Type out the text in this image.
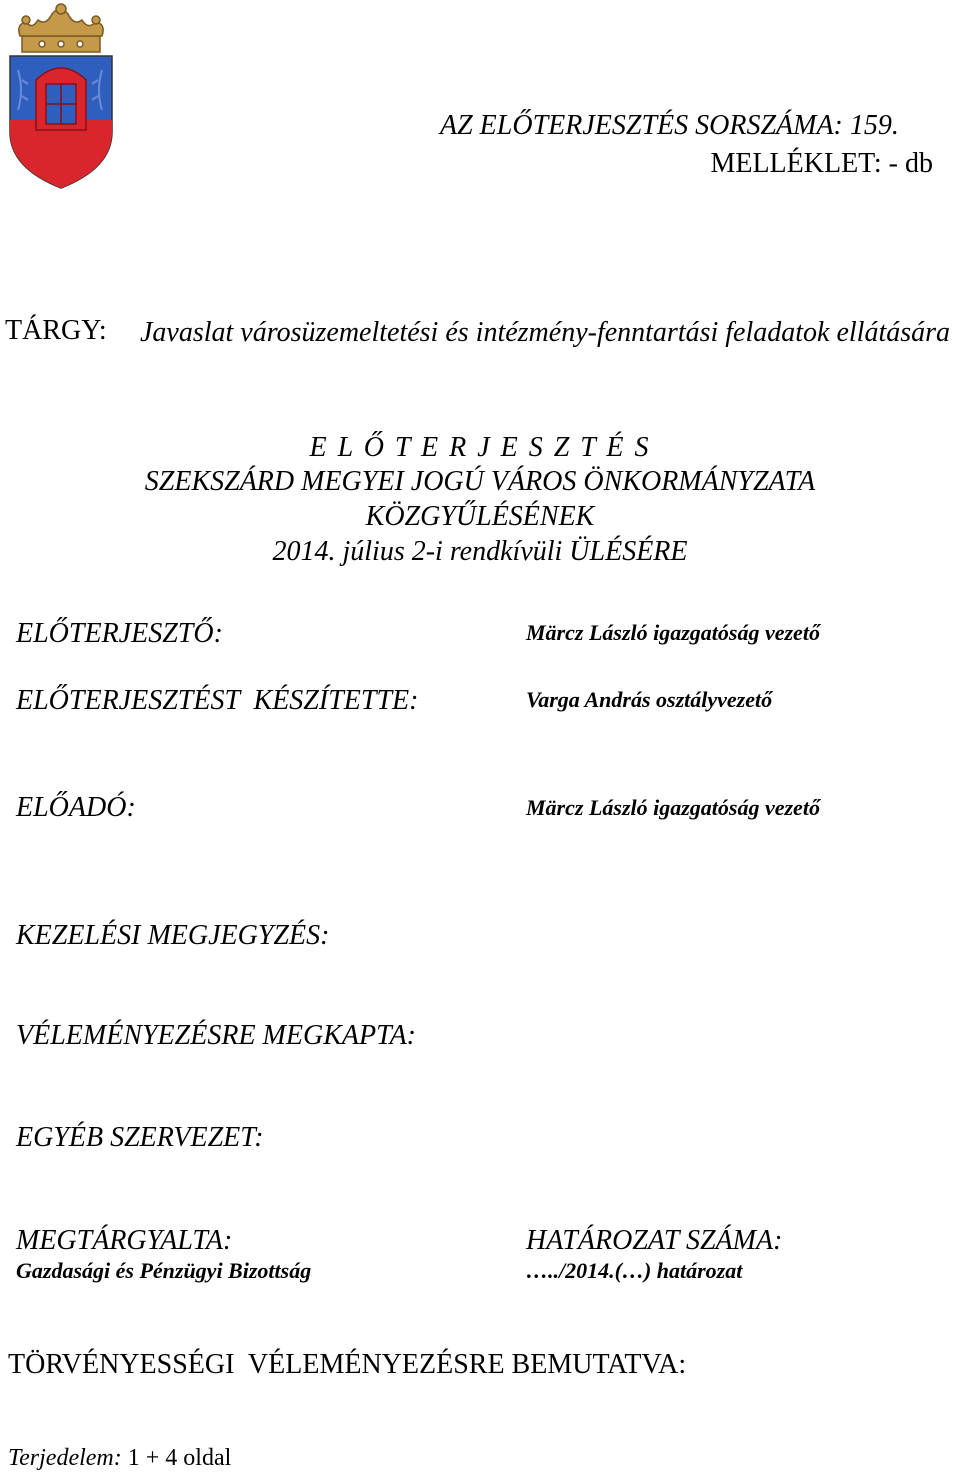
AZ ELŐTERJESZTÉS SORSZÁMA: 159.
MELLÉKLET: - db
TÁRGY: Javaslat városüzemeltetési és intézmény-fenntartási feladatok ellátására
E L Ő T E R J E S Z T É S
SZEKSZÁRD MEGYEI JOGÚ VÁROS ÖNKORMÁNYZATA
KÖZGYŰLÉSÉNEK
2014. július 2-i rendkívüli ÜLÉSÉRE
ELŐTERJESZTŐ:	Märcz László igazgatóság vezető
ELŐTERJESZTÉST  KÉSZÍTETTE:	Varga András osztályvezető
ELŐADÓ:	Märcz László igazgatóság vezető
KEZELÉSI MEGJEGYZÉS:
VÉLEMÉNYEZÉSRE MEGKAPTA:
EGYÉB SZERVEZET:
MEGTÁRGYALTA:
Gazdasági és Pénzügyi Bizottság
HATÁROZAT SZÁMA:
…../2014.(…) határozat
TÖRVÉNYESSÉGI  VÉLEMÉNYEZÉSRE BEMUTATVA:
Terjedelem: 1 + 4 oldal
